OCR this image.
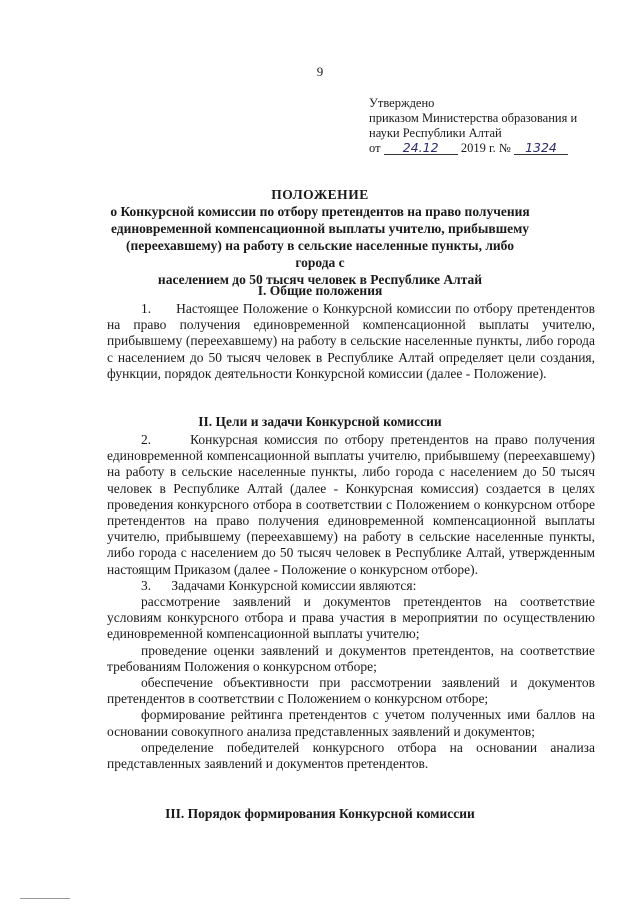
9
Утверждено
приказом Министерства образования и
науки Республики Алтай
от 24.12 2019 г. № 1324
ПОЛОЖЕНИЕ
о Конкурсной комиссии по отбору претендентов на право получения
единовременной компенсационной выплаты учителю, прибывшему
(переехавшему) на работу в сельские населенные пункты, либо города с
населением до 50 тысяч человек в Республике Алтай
I. Общие положения

1. Настоящее Положение о Конкурсной комиссии по отбору претендентов на право получения единовременной компенсационной выплаты учителю, прибывшему (переехавшему) на работу в сельские населенные пункты, либо города с населением до 50 тысяч человек в Республике Алтай определяет цели создания, функции, порядок деятельности Конкурсной комиссии (далее - Положение).

II. Цели и задачи Конкурсной комиссии

2.	Конкурсная комиссия по отбору претендентов на право получения единовременной компенсационной выплаты учителю, прибывшему (переехавшему) на работу в сельские населенные пункты, либо города с населением до 50 тысяч человек в Республике Алтай (далее - Конкурсная комиссия) создается в целях проведения конкурсного отбора в соответствии с Положением о конкурсном отборе претендентов на право получения единовременной компенсационной выплаты учителю, прибывшему (переехавшему) на работу в сельские населенные пункты, либо города с населением до 50 тысяч человек в Республике Алтай, утвержденным настоящим Приказом (далее - Положение о конкурсном отборе).

3. Задачами Конкурсной комиссии являются:

рассмотрение заявлений и документов претендентов на соответствие условиям конкурсного отбора и права участия в мероприятии по осуществлению единовременной компенсационной выплаты учителю;

проведение оценки заявлений и документов претендентов, на соответствие требованиям Положения о конкурсном отборе;

обеспечение объективности при рассмотрении заявлений и документов претендентов в соответствии с Положением о конкурсном отборе;

формирование рейтинга претендентов с учетом полученных ими баллов на основании совокупного анализа представленных заявлений и документов;

определение победителей конкурсного отбора на основании анализа представленных заявлений и документов претендентов.

III. Порядок формирования Конкурсной комиссии
